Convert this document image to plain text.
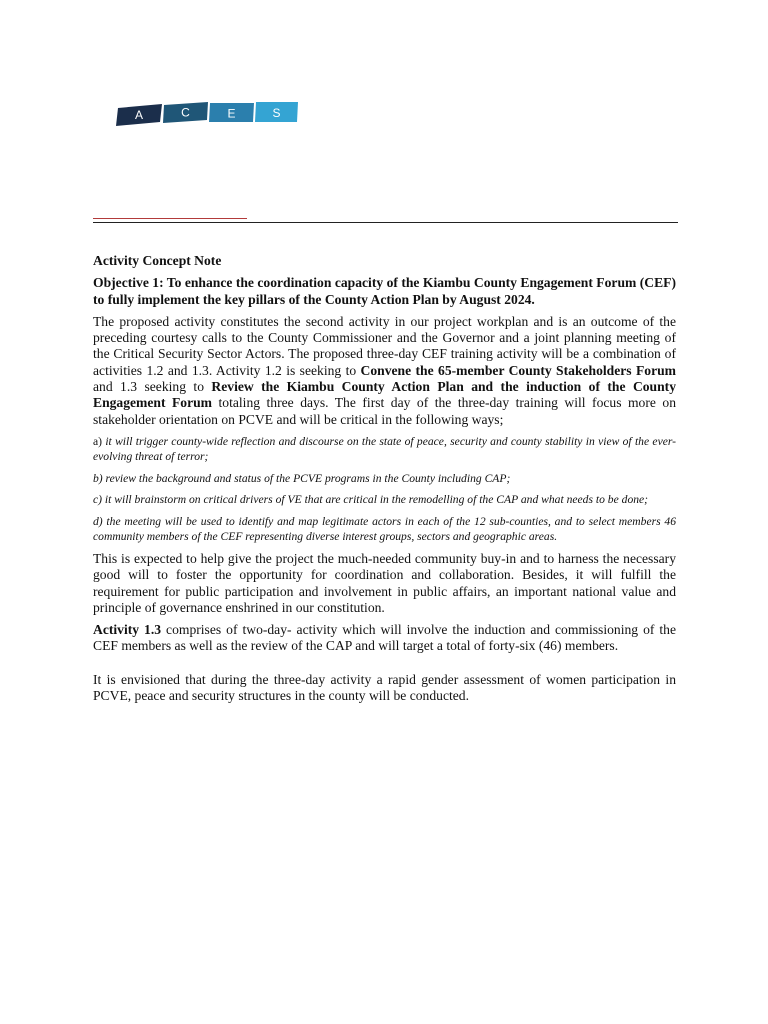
A	C	E	S

Activity Concept Note

Objective 1: To enhance the coordination capacity of the Kiambu County Engagement Forum (CEF) to fully implement the key pillars of the County Action Plan by August 2024.

The proposed activity constitutes the second activity in our project workplan and is an outcome of the preceding courtesy calls to the County Commissioner and the Governor and a joint planning meeting of the Critical Security Sector Actors. The proposed three-day CEF training activity will be a combination of activities 1.2 and 1.3. Activity 1.2 is seeking to Convene the 65-member County Stakeholders Forum and 1.3 seeking to Review the Kiambu County Action Plan and the induction of the County Engagement Forum totaling three days. The first day of the three-day training will focus more on stakeholder orientation on PCVE and will be critical in the following ways;

a) it will trigger county-wide reflection and discourse on the state of peace, security and county stability in view of the ever-evolving threat of terror;

b) review the background and status of the PCVE programs in the County including CAP;

c) it will brainstorm on critical drivers of VE that are critical in the remodelling of the CAP and what needs to be done;

d) the meeting will be used to identify and map legitimate actors in each of the 12 sub-counties, and to select members 46 community members of the CEF representing diverse interest groups, sectors and geographic areas.

This is expected to help give the project the much-needed community buy-in and to harness the necessary good will to foster the opportunity for coordination and collaboration. Besides, it will fulfill the requirement for public participation and involvement in public affairs, an important national value and principle of governance enshrined in our constitution.

Activity 1.3 comprises of two-day- activity which will involve the induction and commissioning of the CEF members as well as the review of the CAP and will target a total of forty-six (46) members.

It is envisioned that during the three-day activity a rapid gender assessment of women participation in PCVE, peace and security structures in the county will be conducted.
